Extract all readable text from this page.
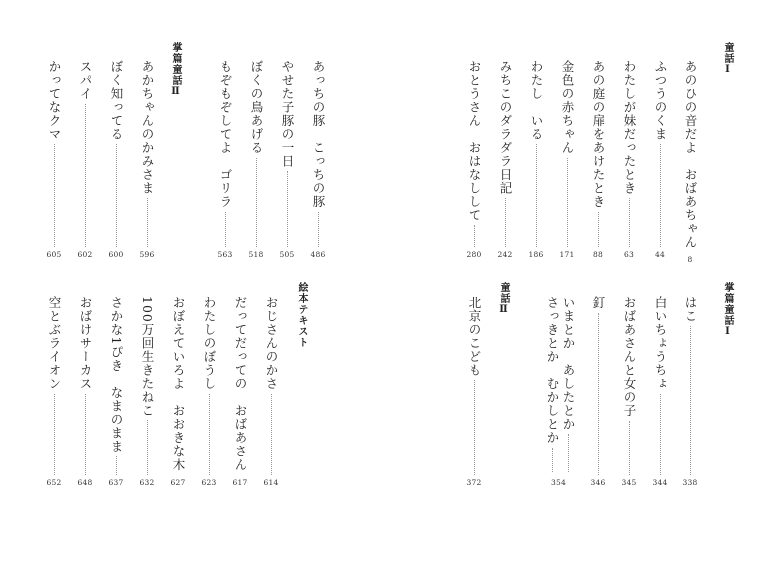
童話Ⅰ
あのひの音だよ　おばあちゃん
8
ふつうのくま
44
わたしが妹だったとき
63
あの庭の扉をあけたとき
88
金色の赤ちゃん
171
わたし　いる
186
みちこのダラダラ日記
242
おとうさん　おはなしして
280
あっちの豚　こっちの豚
486
やせた子豚の一日
505
ぼくの鳥あげる
518
もぞもぞしてよ　ゴリラ
563
掌篇童話Ⅱ
あかちゃんのかみさま
596
ぼく知ってる
600
スパイ
602
かってなクマ
605
掌篇童話Ⅰ
はこ
338
白いちょうちょ
344
おばあさんと女の子
345
釘
346
いまとか　あしたとか
さっきとか　むかしとか
354
童話Ⅱ
北京のこども
372
絵本テキスト
おじさんのかさ
614
だってだっての　おばあさん
617
わたしのぼうし
623
おぼえていろよ　おおきな木
627
100万回生きたねこ
632
さかな1ぴき　なまのまま
637
おばけサーカス
648
空とぶライオン
652
